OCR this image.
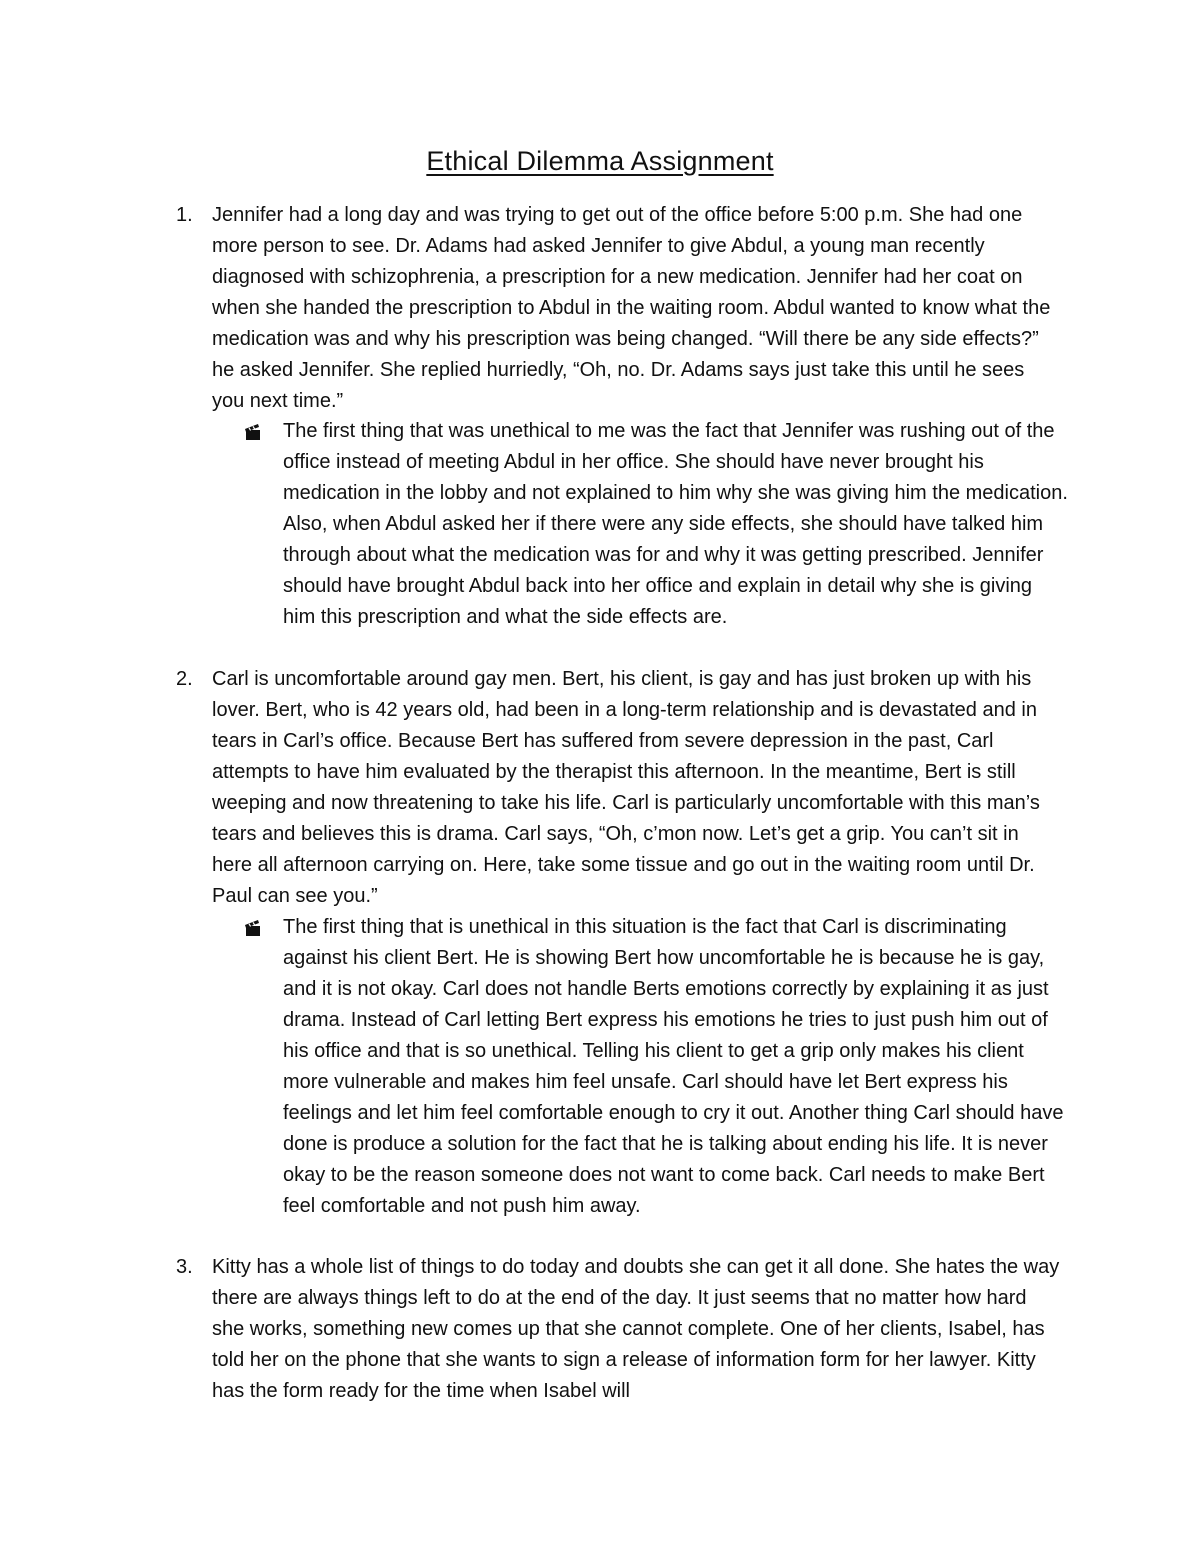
Ethical Dilemma Assignment
1. Jennifer had a long day and was trying to get out of the office before 5:00 p.m. She had one more person to see. Dr. Adams had asked Jennifer to give Abdul, a young man recently diagnosed with schizophrenia, a prescription for a new medication. Jennifer had her coat on when she handed the prescription to Abdul in the waiting room. Abdul wanted to know what the medication was and why his prescription was being changed. “Will there be any side effects?” he asked Jennifer. She replied hurriedly, “Oh, no. Dr. Adams says just take this until he sees you next time.”
The first thing that was unethical to me was the fact that Jennifer was rushing out of the office instead of meeting Abdul in her office. She should have never brought his medication in the lobby and not explained to him why she was giving him the medication. Also, when Abdul asked her if there were any side effects, she should have talked him through about what the medication was for and why it was getting prescribed. Jennifer should have brought Abdul back into her office and explain in detail why she is giving him this prescription and what the side effects are.
2. Carl is uncomfortable around gay men. Bert, his client, is gay and has just broken up with his lover. Bert, who is 42 years old, had been in a long-term relationship and is devastated and in tears in Carl’s office. Because Bert has suffered from severe depression in the past, Carl attempts to have him evaluated by the therapist this afternoon. In the meantime, Bert is still weeping and now threatening to take his life. Carl is particularly uncomfortable with this man’s tears and believes this is drama. Carl says, “Oh, c’mon now. Let’s get a grip. You can’t sit in here all afternoon carrying on. Here, take some tissue and go out in the waiting room until Dr. Paul can see you.”
The first thing that is unethical in this situation is the fact that Carl is discriminating against his client Bert. He is showing Bert how uncomfortable he is because he is gay, and it is not okay. Carl does not handle Berts emotions correctly by explaining it as just drama. Instead of Carl letting Bert express his emotions he tries to just push him out of his office and that is so unethical. Telling his client to get a grip only makes his client more vulnerable and makes him feel unsafe. Carl should have let Bert express his feelings and let him feel comfortable enough to cry it out. Another thing Carl should have done is produce a solution for the fact that he is talking about ending his life. It is never okay to be the reason someone does not want to come back. Carl needs to make Bert feel comfortable and not push him away.
3. Kitty has a whole list of things to do today and doubts she can get it all done. She hates the way there are always things left to do at the end of the day. It just seems that no matter how hard she works, something new comes up that she cannot complete. One of her clients, Isabel, has told her on the phone that she wants to sign a release of information form for her lawyer. Kitty has the form ready for the time when Isabel will
